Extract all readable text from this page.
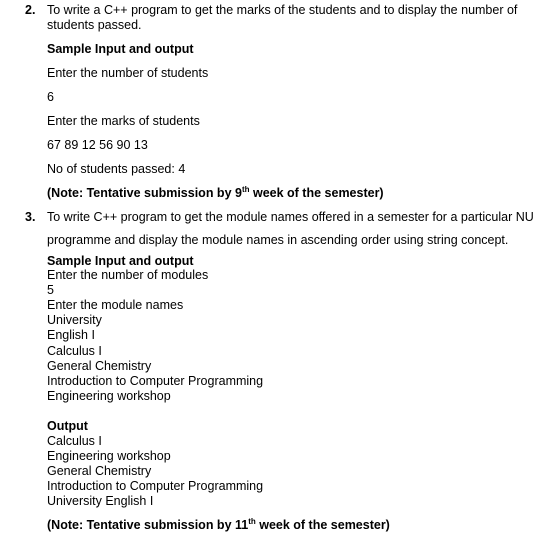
2. To write a C++ program to get the marks of the students and to display the number of
students passed.
Sample Input and output
Enter the number of students
6
Enter the marks of students
67 89 12 56 90 13
No of students passed: 4
(Note: Tentative submission by 9th week of the semester)
3. To write C++ program to get the module names offered in a semester for a particular NU
programme and display the module names in ascending order using string concept.
Sample Input and output
Enter the number of modules
5
Enter the module names
University
English I
Calculus I
General Chemistry
Introduction to Computer Programming
Engineering workshop
Output
Calculus I
Engineering workshop
General Chemistry
Introduction to Computer Programming
University English I
(Note: Tentative submission by 11th week of the semester)
